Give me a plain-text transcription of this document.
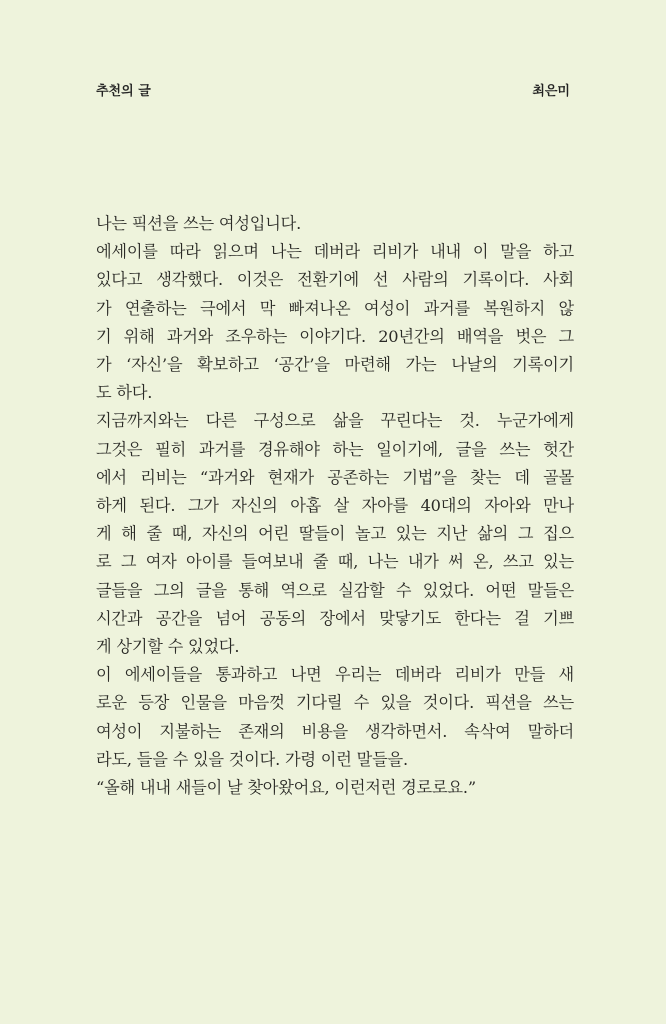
추천의 글	최은미

나는 픽션을 쓰는 여성입니다.

에세이를 따라 읽으며 나는 데버라 리비가 내내 이 말을 하고
있다고 생각했다. 이것은 전환기에 선 사람의 기록이다. 사회
가 연출하는 극에서 막 빠져나온 여성이 과거를 복원하지 않
기 위해 과거와 조우하는 이야기다. 20년간의 배역을 벗은 그
가 ‘자신’을 확보하고 ‘공간’을 마련해 가는 나날의 기록이기
도 하다.

지금까지와는 다른 구성으로 삶을 꾸린다는 것. 누군가에게
그것은 필히 과거를 경유해야 하는 일이기에, 글을 쓰는 헛간
에서 리비는 “과거와 현재가 공존하는 기법”을 찾는 데 골몰
하게 된다. 그가 자신의 아홉 살 자아를 40대의 자아와 만나
게 해 줄 때, 자신의 어린 딸들이 놀고 있는 지난 삶의 그 집으
로 그 여자 아이를 들여보내 줄 때, 나는 내가 써 온, 쓰고 있는
글들을 그의 글을 통해 역으로 실감할 수 있었다. 어떤 말들은
시간과 공간을 넘어 공동의 장에서 맞닿기도 한다는 걸 기쁘
게 상기할 수 있었다.

이 에세이들을 통과하고 나면 우리는 데버라 리비가 만들 새
로운 등장 인물을 마음껏 기다릴 수 있을 것이다. 픽션을 쓰는
여성이 지불하는 존재의 비용을 생각하면서. 속삭여 말하더
라도, 들을 수 있을 것이다. 가령 이런 말들을.

“올해 내내 새들이 날 찾아왔어요, 이런저런 경로로요.”
